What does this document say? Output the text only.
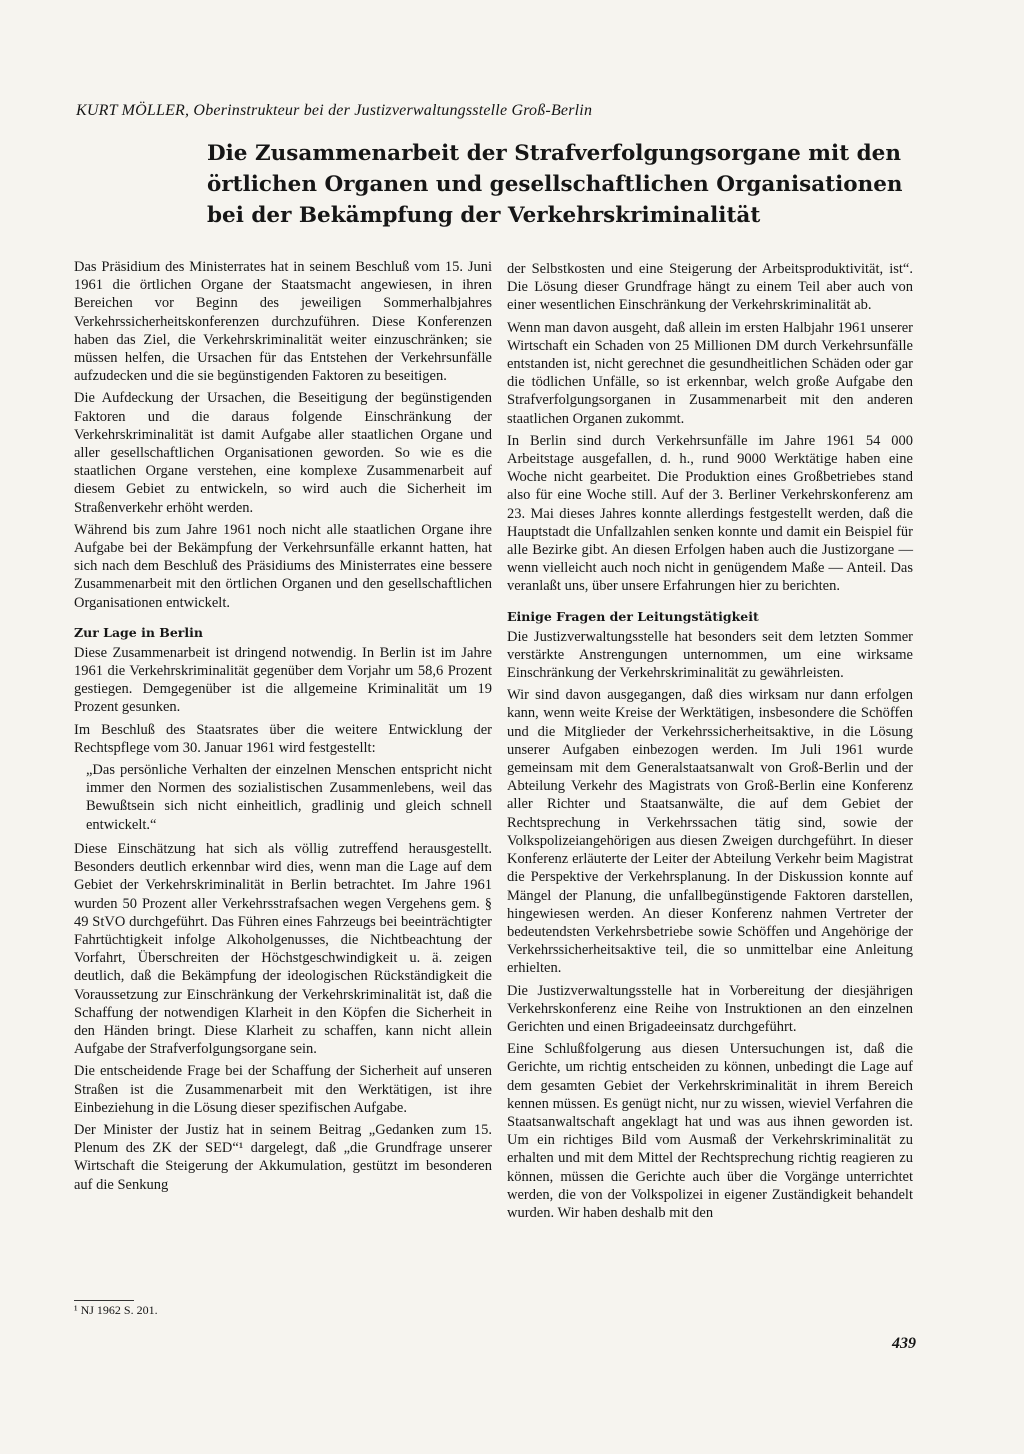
KURT MÖLLER, Oberinstrukteur bei der Justizverwaltungsstelle Groß-Berlin
Die Zusammenarbeit der Strafverfolgungsorgane mit den
örtlichen Organen und gesellschaftlichen Organisationen
bei der Bekämpfung der Verkehrskriminalität

Das Präsidium des Ministerrates hat in seinem Beschluß vom 15. Juni 1961 die örtlichen Organe der Staatsmacht angewiesen, in ihren Bereichen vor Beginn des jeweiligen Sommerhalbjahres Verkehrssicherheitskonferenzen durchzuführen. Diese Konferenzen haben das Ziel, die Verkehrskriminalität weiter einzuschränken; sie müssen helfen, die Ursachen für das Entstehen der Verkehrsunfälle aufzudecken und die sie begünstigenden Faktoren zu beseitigen.

Die Aufdeckung der Ursachen, die Beseitigung der begünstigenden Faktoren und die daraus folgende Einschränkung der Verkehrskriminalität ist damit Aufgabe aller staatlichen Organe und aller gesellschaftlichen Organisationen geworden. So wie es die staatlichen Organe verstehen, eine komplexe Zusammenarbeit auf diesem Gebiet zu entwickeln, so wird auch die Sicherheit im Straßenverkehr erhöht werden.

Während bis zum Jahre 1961 noch nicht alle staatlichen Organe ihre Aufgabe bei der Bekämpfung der Verkehrsunfälle erkannt hatten, hat sich nach dem Beschluß des Präsidiums des Ministerrates eine bessere Zusammenarbeit mit den örtlichen Organen und den gesellschaftlichen Organisationen entwickelt.

Zur Lage in Berlin

Diese Zusammenarbeit ist dringend notwendig. In Berlin ist im Jahre 1961 die Verkehrskriminalität gegenüber dem Vorjahr um 58,6 Prozent gestiegen. Demgegenüber ist die allgemeine Kriminalität um 19 Prozent gesunken.

Im Beschluß des Staatsrates über die weitere Entwicklung der Rechtspflege vom 30. Januar 1961 wird festgestellt:

„Das persönliche Verhalten der einzelnen Menschen entspricht nicht immer den Normen des sozialistischen Zusammenlebens, weil das Bewußtsein sich nicht einheitlich, gradlinig und gleich schnell entwickelt.“

Diese Einschätzung hat sich als völlig zutreffend herausgestellt. Besonders deutlich erkennbar wird dies, wenn man die Lage auf dem Gebiet der Verkehrskriminalität in Berlin betrachtet. Im Jahre 1961 wurden 50 Prozent aller Verkehrsstrafsachen wegen Vergehens gem. § 49 StVO durchgeführt. Das Führen eines Fahrzeugs bei beeinträchtigter Fahrtüchtigkeit infolge Alkoholgenusses, die Nichtbeachtung der Vorfahrt, Überschreiten der Höchstgeschwindigkeit u. ä. zeigen deutlich, daß die Bekämpfung der ideologischen Rückständigkeit die Voraussetzung zur Einschränkung der Verkehrskriminalität ist, daß die Schaffung der notwendigen Klarheit in den Köpfen die Sicherheit in den Händen bringt. Diese Klarheit zu schaffen, kann nicht allein Aufgabe der Strafverfolgungsorgane sein.

Die entscheidende Frage bei der Schaffung der Sicherheit auf unseren Straßen ist die Zusammenarbeit mit den Werktätigen, ist ihre Einbeziehung in die Lösung dieser spezifischen Aufgabe.

Der Minister der Justiz hat in seinem Beitrag „Gedanken zum 15. Plenum des ZK der SED“¹ dargelegt, daß „die Grundfrage unserer Wirtschaft die Steigerung der Akkumulation, gestützt im besonderen auf die Senkung

der Selbstkosten und eine Steigerung der Arbeitsproduktivität, ist“. Die Lösung dieser Grundfrage hängt zu einem Teil aber auch von einer wesentlichen Einschränkung der Verkehrskriminalität ab.

Wenn man davon ausgeht, daß allein im ersten Halbjahr 1961 unserer Wirtschaft ein Schaden von 25 Millionen DM durch Verkehrsunfälle entstanden ist, nicht gerechnet die gesundheitlichen Schäden oder gar die tödlichen Unfälle, so ist erkennbar, welch große Aufgabe den Strafverfolgungsorganen in Zusammenarbeit mit den anderen staatlichen Organen zukommt.

In Berlin sind durch Verkehrsunfälle im Jahre 1961 54 000 Arbeitstage ausgefallen, d. h., rund 9000 Werktätige haben eine Woche nicht gearbeitet. Die Produktion eines Großbetriebes stand also für eine Woche still. Auf der 3. Berliner Verkehrskonferenz am 23. Mai dieses Jahres konnte allerdings festgestellt werden, daß die Hauptstadt die Unfallzahlen senken konnte und damit ein Beispiel für alle Bezirke gibt. An diesen Erfolgen haben auch die Justizorgane — wenn vielleicht auch noch nicht in genügendem Maße — Anteil. Das veranlaßt uns, über unsere Erfahrungen hier zu berichten.

Einige Fragen der Leitungstätigkeit

Die Justizverwaltungsstelle hat besonders seit dem letzten Sommer verstärkte Anstrengungen unternommen, um eine wirksame Einschränkung der Verkehrskriminalität zu gewährleisten.

Wir sind davon ausgegangen, daß dies wirksam nur dann erfolgen kann, wenn weite Kreise der Werktätigen, insbesondere die Schöffen und die Mitglieder der Verkehrssicherheitsaktive, in die Lösung unserer Aufgaben einbezogen werden. Im Juli 1961 wurde gemeinsam mit dem Generalstaatsanwalt von Groß-Berlin und der Abteilung Verkehr des Magistrats von Groß-Berlin eine Konferenz aller Richter und Staatsanwälte, die auf dem Gebiet der Rechtsprechung in Verkehrssachen tätig sind, sowie der Volkspolizeiangehörigen aus diesen Zweigen durchgeführt. In dieser Konferenz erläuterte der Leiter der Abteilung Verkehr beim Magistrat die Perspektive der Verkehrsplanung. In der Diskussion konnte auf Mängel der Planung, die unfallbegünstigende Faktoren darstellen, hingewiesen werden. An dieser Konferenz nahmen Vertreter der bedeutendsten Verkehrsbetriebe sowie Schöffen und Angehörige der Verkehrssicherheitsaktive teil, die so unmittelbar eine Anleitung erhielten.

Die Justizverwaltungsstelle hat in Vorbereitung der diesjährigen Verkehrskonferenz eine Reihe von Instruktionen an den einzelnen Gerichten und einen Brigadeeinsatz durchgeführt.

Eine Schlußfolgerung aus diesen Untersuchungen ist, daß die Gerichte, um richtig entscheiden zu können, unbedingt die Lage auf dem gesamten Gebiet der Verkehrskriminalität in ihrem Bereich kennen müssen. Es genügt nicht, nur zu wissen, wieviel Verfahren die Staatsanwaltschaft angeklagt hat und was aus ihnen geworden ist. Um ein richtiges Bild vom Ausmaß der Verkehrskriminalität zu erhalten und mit dem Mittel der Rechtsprechung richtig reagieren zu können, müssen die Gerichte auch über die Vorgänge unterrichtet werden, die von der Volkspolizei in eigener Zuständigkeit behandelt wurden. Wir haben deshalb mit den

¹ NJ 1962 S. 201.
439
